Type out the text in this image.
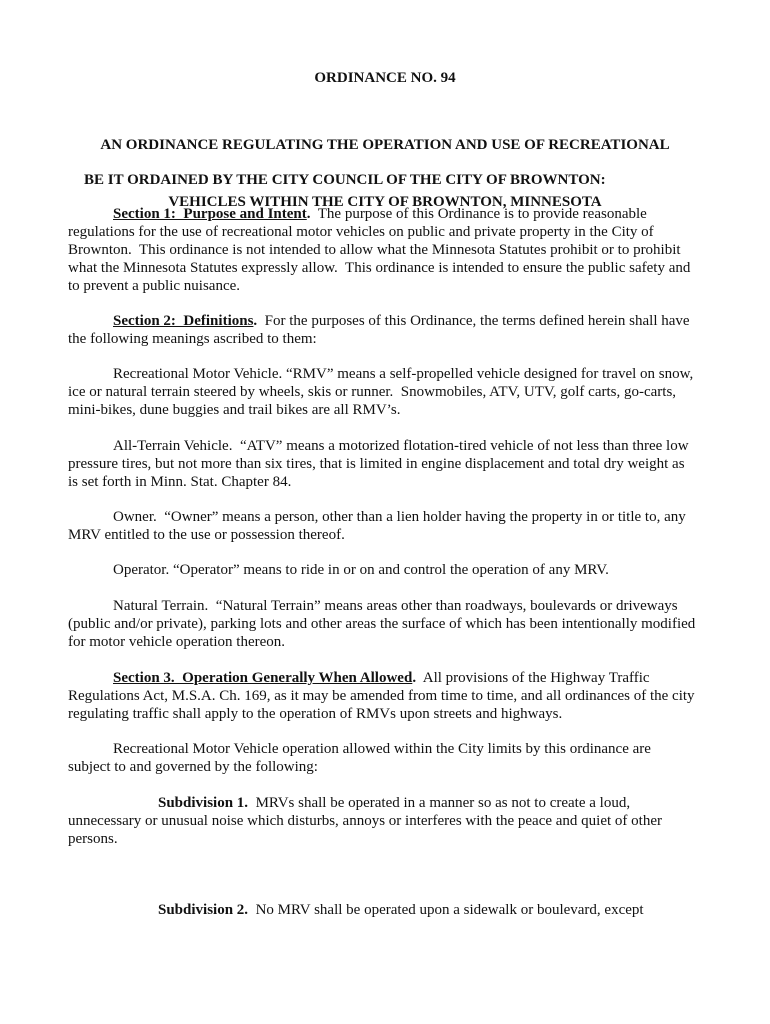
ORDINANCE NO. 94

AN ORDINANCE REGULATING THE OPERATION AND USE OF RECREATIONAL

VEHICLES WITHIN THE CITY OF BROWNTON, MINNESOTA

BE IT ORDAINED BY THE CITY COUNCIL OF THE CITY OF BROWNTON:
Section 1:  Purpose and Intent.  The purpose of this Ordinance is to provide reasonable
regulations for the use of recreational motor vehicles on public and private property in the City of
Brownton.  This ordinance is not intended to allow what the Minnesota Statutes prohibit or to prohibit
what the Minnesota Statutes expressly allow.  This ordinance is intended to ensure the public safety and
to prevent a public nuisance.
Section 2:  Definitions.  For the purposes of this Ordinance, the terms defined herein shall have
the following meanings ascribed to them:
Recreational Motor Vehicle. “RMV” means a self-propelled vehicle designed for travel on snow,
ice or natural terrain steered by wheels, skis or runner.  Snowmobiles, ATV, UTV, golf carts, go-carts,
mini-bikes, dune buggies and trail bikes are all RMV’s.
All-Terrain Vehicle.  “ATV” means a motorized flotation-tired vehicle of not less than three low
pressure tires, but not more than six tires, that is limited in engine displacement and total dry weight as
is set forth in Minn. Stat. Chapter 84.
Owner.  “Owner” means a person, other than a lien holder having the property in or title to, any
MRV entitled to the use or possession thereof.
Operator. “Operator” means to ride in or on and control the operation of any MRV.
Natural Terrain.  “Natural Terrain” means areas other than roadways, boulevards or driveways
(public and/or private), parking lots and other areas the surface of which has been intentionally modified
for motor vehicle operation thereon.
Section 3.  Operation Generally When Allowed.  All provisions of the Highway Traffic
Regulations Act, M.S.A. Ch. 169, as it may be amended from time to time, and all ordinances of the city
regulating traffic shall apply to the operation of RMVs upon streets and highways.
Recreational Motor Vehicle operation allowed within the City limits by this ordinance are
subject to and governed by the following:
Subdivision 1.  MRVs shall be operated in a manner so as not to create a loud,
unnecessary or unusual noise which disturbs, annoys or interferes with the peace and quiet of other
persons.
Subdivision 2.  No MRV shall be operated upon a sidewalk or boulevard, except
